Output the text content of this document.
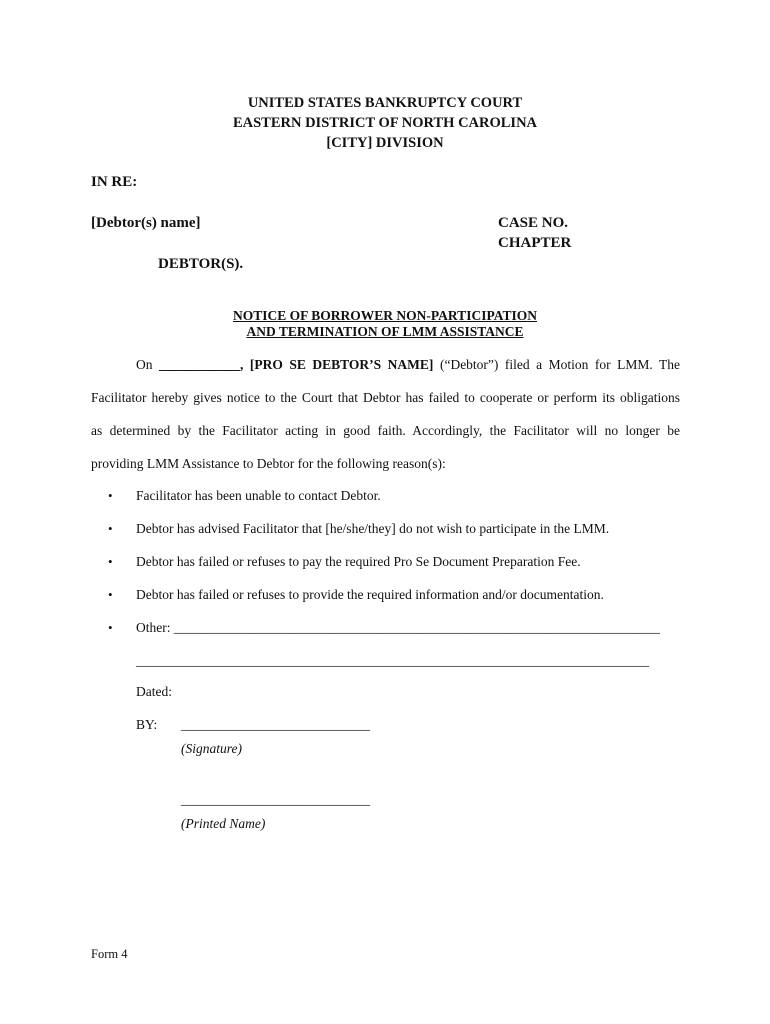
UNITED STATES BANKRUPTCY COURT
EASTERN DISTRICT OF NORTH CAROLINA
[CITY] DIVISION
IN RE:
[Debtor(s) name]	CASE NO.
CHAPTER
DEBTOR(S).
NOTICE OF BORROWER NON-PARTICIPATION
AND TERMINATION OF LMM ASSISTANCE
On ____________, [PRO SE DEBTOR’S NAME] (“Debtor”) filed a Motion for LMM. The
Facilitator hereby gives notice to the Court that Debtor has failed to cooperate or perform its obligations
as determined by the Facilitator acting in good faith. Accordingly, the Facilitator will no longer be
providing LMM Assistance to Debtor for the following reason(s):
• Facilitator has been unable to contact Debtor.
• Debtor has advised Facilitator that [he/she/they] do not wish to participate in the LMM.
• Debtor has failed or refuses to pay the required Pro Se Document Preparation Fee.
• Debtor has failed or refuses to provide the required information and/or documentation.
• Other: ________________________________________________________________________
____________________________________________________________________________
Dated:
BY: ____________________________
(Signature)
____________________________
(Printed Name)
Form 4
